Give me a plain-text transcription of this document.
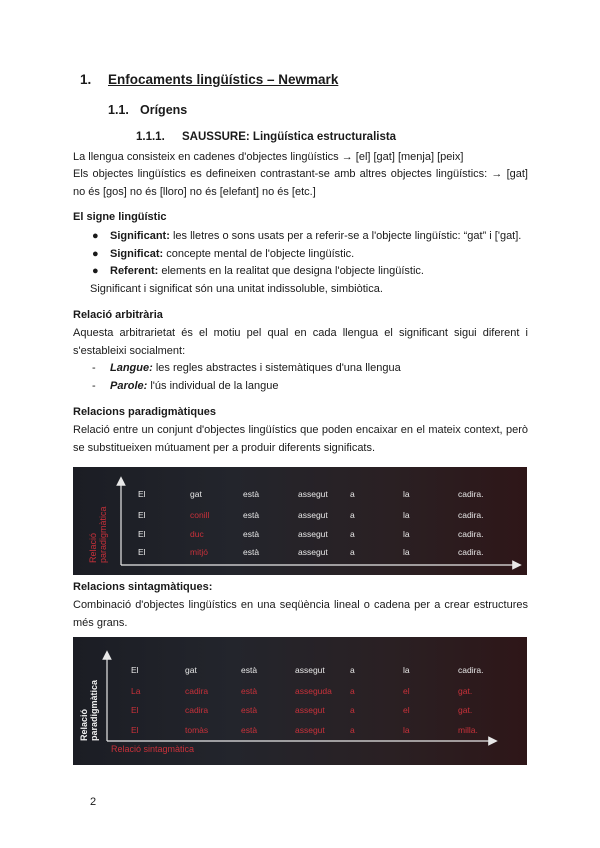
1. Enfocaments lingüístics – Newmark
1.1. Orígens
1.1.1. SAUSSURE: Lingüística estructuralista
La llengua consisteix en cadenes d'objectes lingüístics → [el] [gat] [menja] [peix]
Els objectes lingüístics es defineixen contrastant-se amb altres objectes lingüístics: → [gat] no és [gos] no és [lloro] no és [elefant] no és [etc.]
El signe lingüístic
● Significant: les lletres o sons usats per a referir-se a l'objecte lingüístic: “gat” i ['gat].
● Significat: concepte mental de l'objecte lingüístic.
● Referent: elements en la realitat que designa l'objecte lingüístic.
Significant i significat són una unitat indissoluble, simbiòtica.
Relació arbitrària
Aquesta arbitrarietat és el motiu pel qual en cada llengua el significant sigui diferent i s'estableixi socialment:
- Langue: les regles abstractes i sistemàtiques d'una llengua
- Parole: l'ús individual de la langue
Relacions paradigmàtiques
Relació entre un conjunt d'objectes lingüístics que poden encaixar en el mateix context, però se substitueixen mútuament per a produir diferents significats.
Relació paradigmàtica
El	gat	està	assegut	a	la	cadira.
El	conill	està	assegut	a	la	cadira.
El	duc	està	assegut	a	la	cadira.
El	mitjó	està	assegut	a	la	cadira.
Relacions sintagmàtiques:
Combinació d'objectes lingüístics en una seqüència lineal o cadena per a crear estructures més grans.
Relació paradigmàtica
Relació sintagmàtica
El	gat	està	assegut	a	la	cadira.
La	cadira	està	assegudа a	el	gat.
El	cadira	està	assegut	a	el	gat.
El	tomàs	està	assegut	a	la	milla.
2
